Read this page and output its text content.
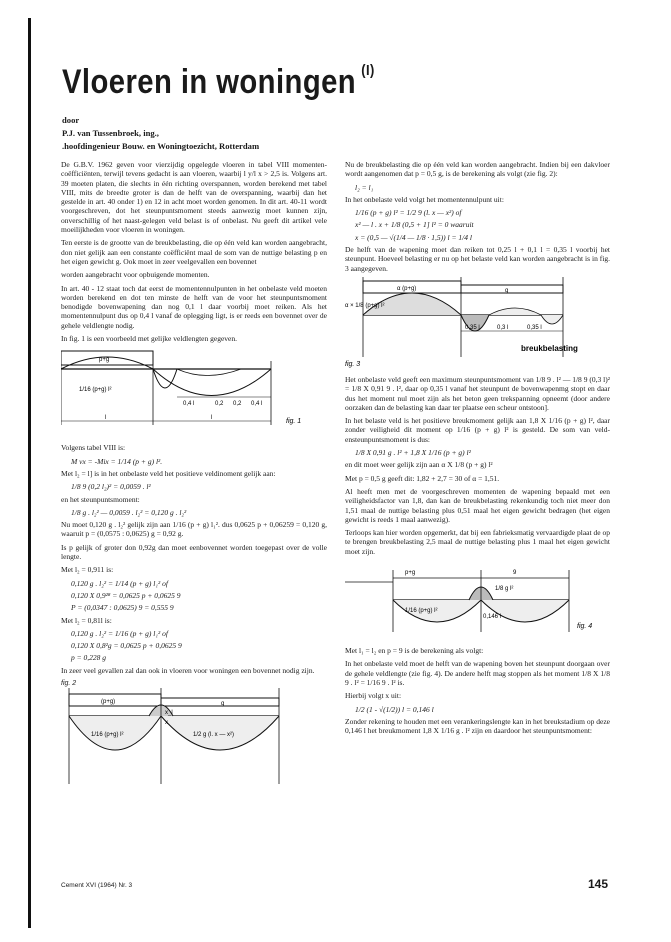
Vloeren in woningen $^{(I)}$
door
P.J. van Tussenbroek, ing.,
.hoofdingenieur Bouw. en Woningtoezicht, Rotterdam

De G.B.V. 1962 geven voor vierzijdig opgelegde vloeren in tabel VIII momenten-coëfficiënten, terwijl tevens gedacht is aan vloeren, waarbij l y/l x > 2,5 is. Volgens art. 39 moeten platen, die slechts in één richting overspannen, worden berekend met tabel VIII, mits de breedte groter is dan de helft van de overspanning, waarbij dan het gestelde in art. 40 onder 1) en 12 in acht moet worden genomen. In dit art. 40-11 wordt voorgeschreven, dot het steunpuntsmoment steeds aanwezig moet kunnen zijn, onverschillig of het naast-gelegen veld belast is of onbelast. Nu geeft dit artikel vele moeilijkheden voor vloeren in woningen.

Ten eerste is de grootte van de breukbelasting, die op één veld kan worden aangebracht, don niet gelijk aan een constante coëfficiënt maal de som van de nuttige belasting p en het eigen gewicht g. Ook moet in zeer veelgevallen een bovennet

worden aangebracht voor opbuigende momenten.

In art. 40 - 12 staat toch dat eerst de momentennulpunten in het onbelaste veld moeten worden berekend en dot ten minste de helft van de voor het steunpuntsmoment benodigde bovenwapening dan nog 0,1 l daar voorbij moet reiken. Als het momentennulpunt dus op 0,4 l vanaf de oplegging ligt, is er reeds een bovennet over de gehele veldlengte nodig.

In fig. 1 is een voorbeeld met gelijke veldlengten gegeven.

p+g
1/16 (p+g) l²
0,4 l	0,2 0,2 0,4 l
l	l	fig. 1

Volgens tabel VIII is:

M vx = -Mix = 1/14 (p + g) l².

Met l₂ = l] is in het onbelaste veld het positieve veldinoment gelijk aan:

1/8 9 (0,2 l₂)² = 0,0059 . l²

en het steunpuntsmoment:

1/8 g . l₂² — 0,0059 . l₂² = 0,120 g . l₂²

Nu moet 0,120 g . l₂² gelijk zijn aan 1/16 (p + g) l₁². dus 0,0625 p + 0,06259 = 0,120 g, waaruit p = (0,0575 : 0,0625) g = 0,92 g.

Is p gelijk of groter don 0,92g dan moet eenbovennet worden toegepast over de volle lengte.

Met l₂ = 0,911 is:

0,120 g . l₂² = 1/14 (p + g) l₁² of
0,120 X 0,9²⁸ = 0,0625 p + 0,0625 9
P = (0,0347 : 0,0625) 9 = 0,555 9

Met l₂ = 0,81l is:

0,120 g . l₂² = 1/16 (p + g) l₁² of
0,120 X 0,8²g = 0,0625 p + 0,0625 9
p = 0,228 g

In zeer veel gevallen zal dan ook in vloeren voor woningen een bovennet nodig zijn.

fig. 2
(p+g)	g
1/16 (p+g) l²	1/2 g (l. x — x²)
x_l
x

Nu de breukbelasting die op één veld kan worden aangebracht. Indien bij een dakvloer wordt aangenomen dat p = 0,5 g, is de berekening als volgt (zie fig. 2):

l₂ = l₁

In het onbelaste veld volgt het momentennulpunt uit:

1/16 (p + g) l² = 1/2 9 (l. x — x²) of
x² — l . x + 1/8 (0,5 + 1] l² = 0 waaruit
x = (0,5 — √(1/4 — 1/8 · 1,5)) l = 1/4 l

De helft van de wapening moet dan reiken tot 0,25 l + 0,1 l = 0,35 l voorbij het steunpunt. Hoeveel belasting er nu op het belaste veld kan worden aangebracht is in fig. 3 aangegeven.

α (p+g)	g
α × 1/8 (p+g) l²
0,35 l	0,3 l	0,35 l
breukbelasting
fig. 3

Het onbelaste veld geeft een maximum steunpuntsmoment van 1/8 9 . l² — 1/8 9 (0,3 l)² = 1/8 X 0,91 9 . l², daar op 0,35 l vanaf het steunpunt de bovenwapenmg stopt en daar dus het moment nul moet zijn als het beton geen trekspanning opneemt (door andere oorzaken dan de belasting kan daar ter plaatse een scheur ontstoon].

In het belaste veld is het positieve breukmoment gelijk aan 1,8 X 1/16 (p + g) l², daar zonder veiligheid dit moment op 1/16 (p + g) l² is gesteld. De som van veld- ensteunpuntsmoment is dus:

1/8 X 0,91 g . l² + 1,8 X 1/16 (p + g) l²

en dit moet weer gelijk zijn aan α X 1/8 (p + g) l²

Met p = 0,5 g geeft dit: 1,82 + 2,7 = 30 of α = 1,51.

Al heeft men met de voorgeschreven momenten de wapening bepaald met een veiligheidsfactor van 1,8, dan kan de breukbelasting rekenkundig toch niet meer don 1,51 maal de nuttige belasting plus 0,51 maal het eigen gewicht bedragen (het eigen gewicht is reeds 1 maal aanwezig).

Terloops kan hier worden opgemerkt, dat bij een fabrieksmatig vervaardigde plaat de op te brengen breukbelasting 2,5 maal de nuttige belasting plus 1 maal het eigen gewicht moet zijn.

p+g	9
1/16 (p+g) l²
1/8 g l²
0,146 l
fig. 4

Met l₁ = l₂ en p = 9 is de berekening als volgt:

In het onbelaste veld moet de helft van de wapening boven het steunpunt doorgaan over de gehele veldlengte (zie fig. 4). De andere helft mag stoppen als het moment 1/8 X 1/8 9 . l² = 1/16 9 . l² is.

Hierbij volgt x uit:

1/2 (1 - √(1/2)) l = 0,146 l

Zonder rekening te houden met een verankeringslengte kan in het breukstadium op deze 0,146 l het breukmoment 1,8 X 1/16 g . l² zijn en daardoor het steunpuntsmoment:

Cement XVI (1964) Nr. 3	145
